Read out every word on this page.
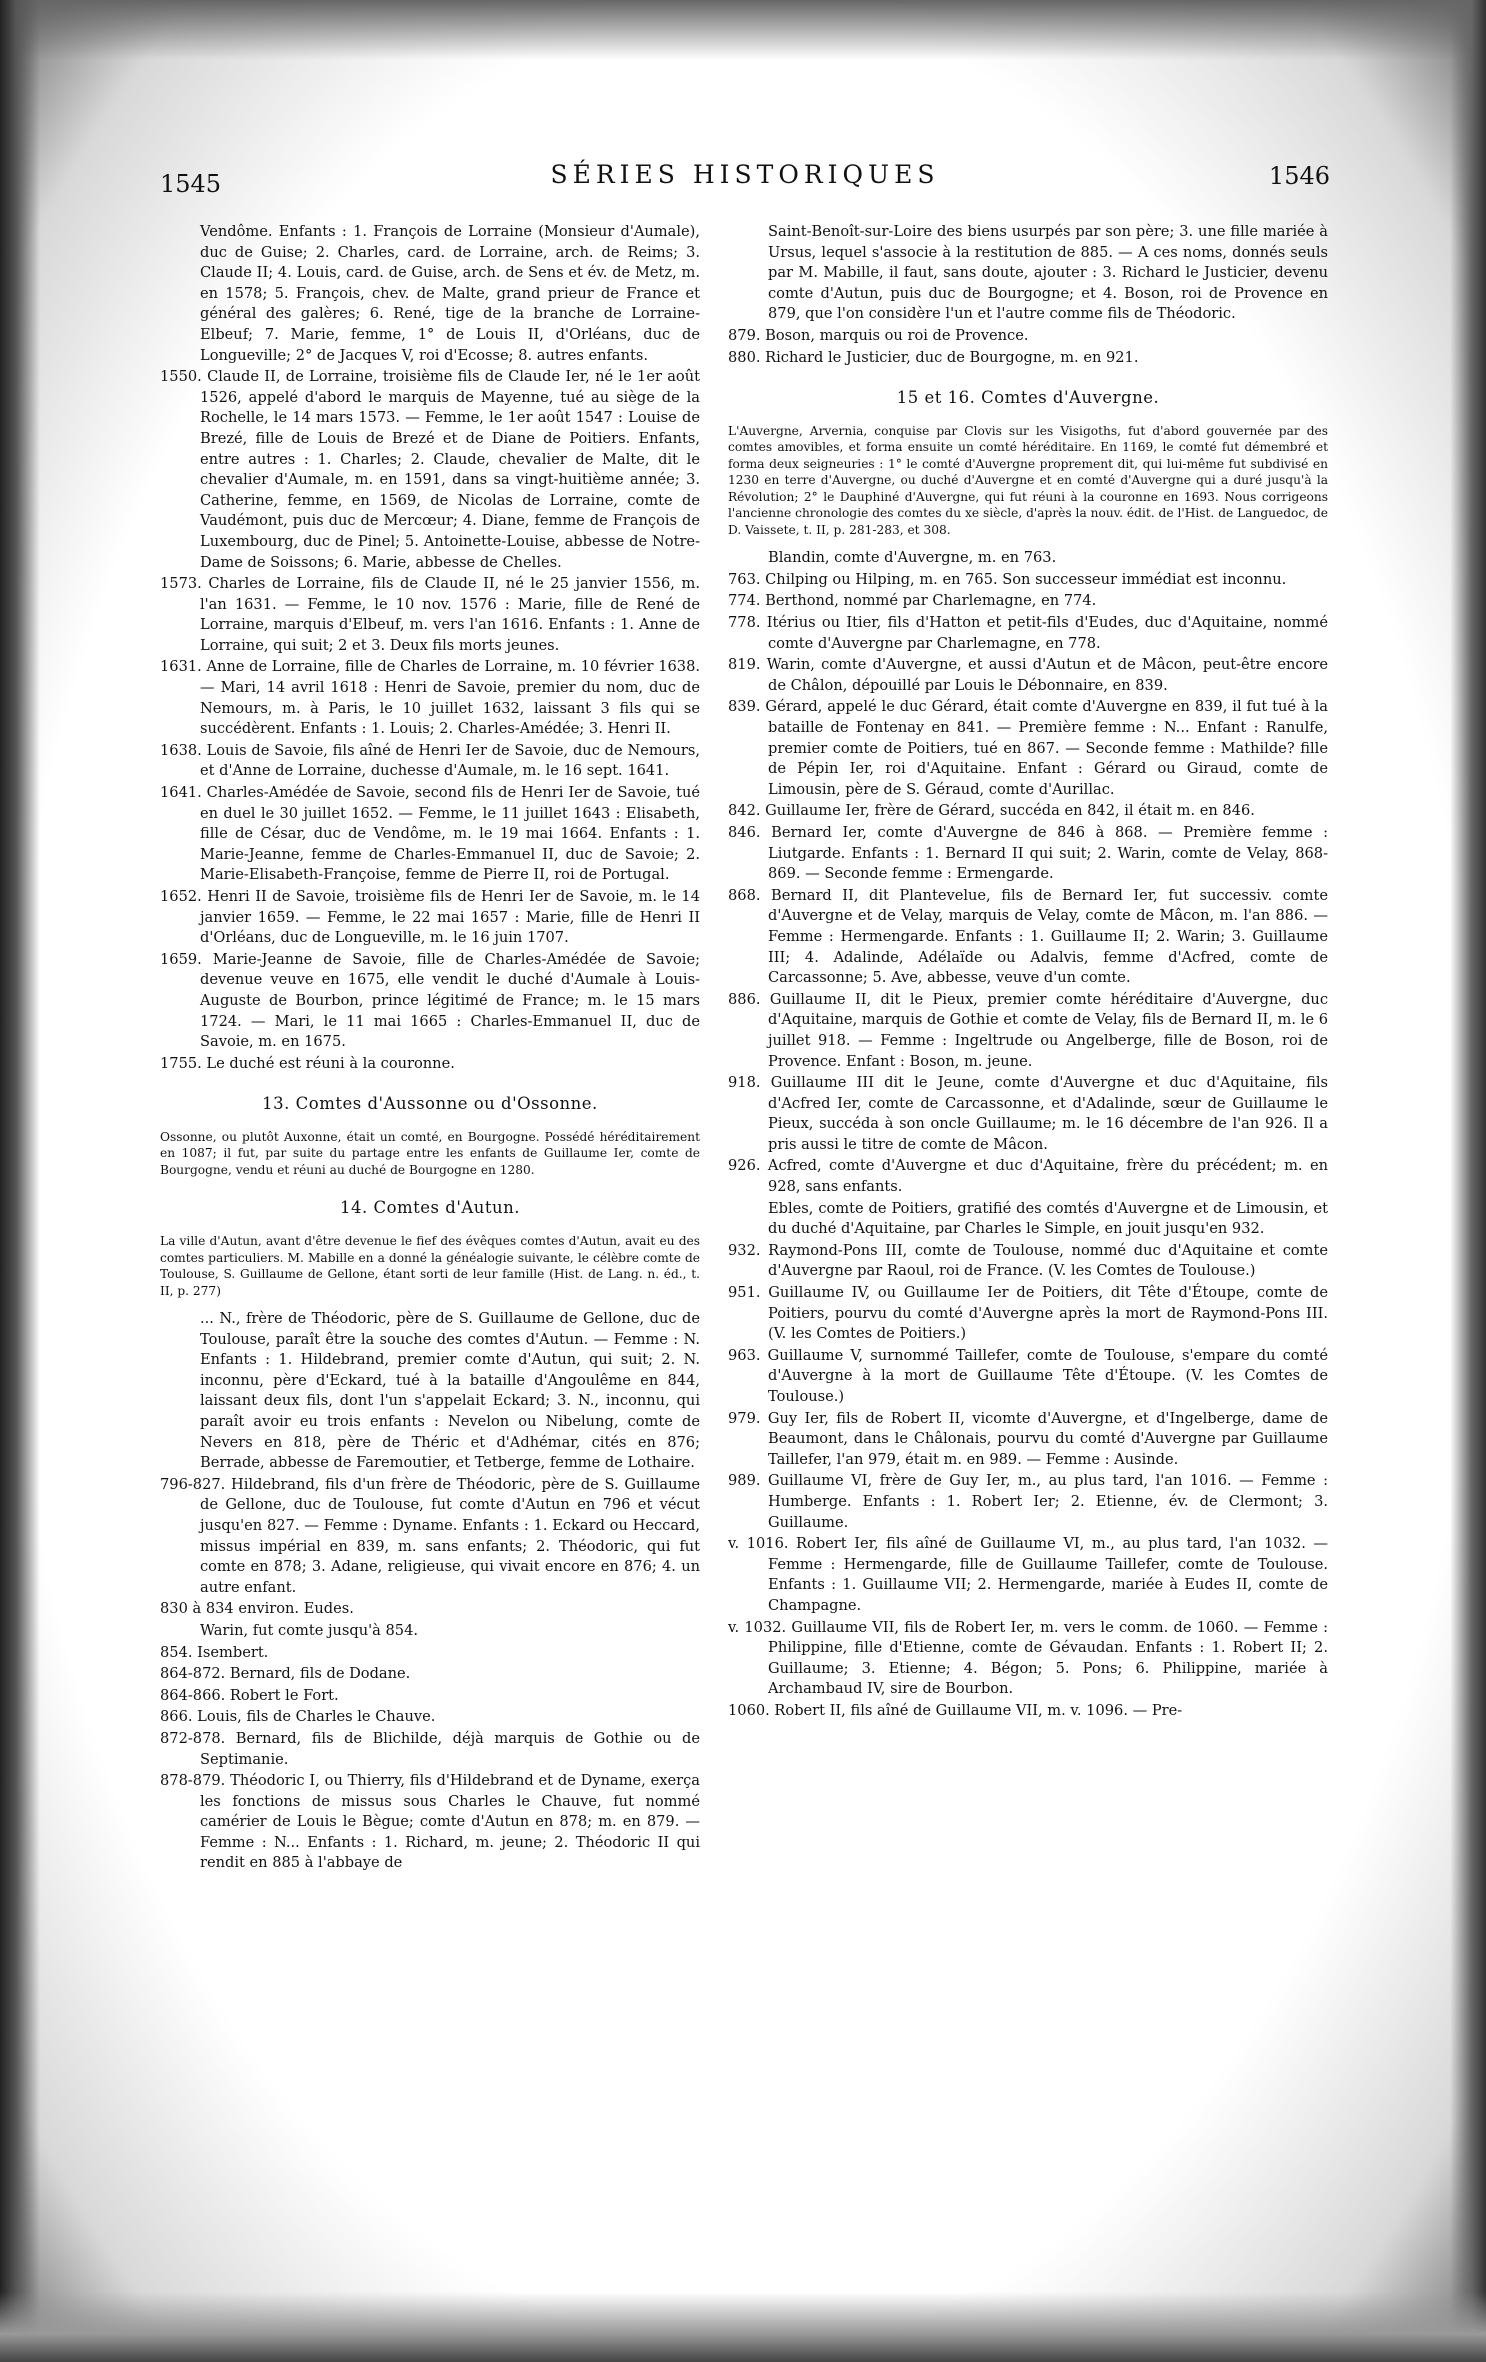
1545	SÉRIES HISTORIQUES	1546
Vendôme. Enfants : 1. François de Lorraine (Monsieur d'Aumale), duc de Guise; 2. Charles, card. de Lorraine, arch. de Reims; 3. Claude II; 4. Louis, card. de Guise, arch. de Sens et év. de Metz, m. en 1578; 5. François, chev. de Malte, grand prieur de France et général des galères; 6. René, tige de la branche de Lorraine-Elbeuf; 7. Marie, femme, 1° de Louis II, d'Orléans, duc de Longueville; 2° de Jacques V, roi d'Ecosse; 8. autres enfants.
1550. Claude II, de Lorraine, troisième fils de Claude Ier, né le 1er août 1526, appelé d'abord le marquis de Mayenne, tué au siège de la Rochelle, le 14 mars 1573. — Femme, le 1er août 1547 : Louise de Brezé, fille de Louis de Brezé et de Diane de Poitiers. Enfants, entre autres : 1. Charles; 2. Claude, chevalier de Malte, dit le chevalier d'Aumale, m. en 1591, dans sa vingt-huitième année; 3. Catherine, femme, en 1569, de Nicolas de Lorraine, comte de Vaudémont, puis duc de Mercœur; 4. Diane, femme de François de Luxembourg, duc de Pinel; 5. Antoinette-Louise, abbesse de Notre-Dame de Soissons; 6. Marie, abbesse de Chelles.
1573. Charles de Lorraine, fils de Claude II, né le 25 janvier 1556, m. l'an 1631. — Femme, le 10 nov. 1576 : Marie, fille de René de Lorraine, marquis d'Elbeuf, m. vers l'an 1616. Enfants : 1. Anne de Lorraine, qui suit; 2 et 3. Deux fils morts jeunes.
1631. Anne de Lorraine, fille de Charles de Lorraine, m. 10 février 1638. — Mari, 14 avril 1618 : Henri de Savoie, premier du nom, duc de Nemours, m. à Paris, le 10 juillet 1632, laissant 3 fils qui se succédèrent. Enfants : 1. Louis; 2. Charles-Amédée; 3. Henri II.
1638. Louis de Savoie, fils aîné de Henri Ier de Savoie, duc de Nemours, et d'Anne de Lorraine, duchesse d'Aumale, m. le 16 sept. 1641.
1641. Charles-Amédée de Savoie, second fils de Henri Ier de Savoie, tué en duel le 30 juillet 1652. — Femme, le 11 juillet 1643 : Elisabeth, fille de César, duc de Vendôme, m. le 19 mai 1664. Enfants : 1. Marie-Jeanne, femme de Charles-Emmanuel II, duc de Savoie; 2. Marie-Elisabeth-Françoise, femme de Pierre II, roi de Portugal.
1652. Henri II de Savoie, troisième fils de Henri Ier de Savoie, m. le 14 janvier 1659. — Femme, le 22 mai 1657 : Marie, fille de Henri II d'Orléans, duc de Longueville, m. le 16 juin 1707.
1659. Marie-Jeanne de Savoie, fille de Charles-Amédée de Savoie; devenue veuve en 1675, elle vendit le duché d'Aumale à Louis-Auguste de Bourbon, prince légitimé de France; m. le 15 mars 1724. — Mari, le 11 mai 1665 : Charles-Emmanuel II, duc de Savoie, m. en 1675.
1755. Le duché est réuni à la couronne.
13. Comtes d'Aussonne ou d'Ossonne.
Ossonne, ou plutôt Auxonne, était un comté, en Bourgogne. Possédé héréditairement en 1087; il fut, par suite du partage entre les enfants de Guillaume Ier, comte de Bourgogne, vendu et réuni au duché de Bourgogne en 1280.
14. Comtes d'Autun.
La ville d'Autun, avant d'être devenue le fief des évêques comtes d'Autun, avait eu des comtes particuliers. M. Mabille en a donné la généalogie suivante, le célèbre comte de Toulouse, S. Guillaume de Gellone, étant sorti de leur famille (Hist. de Lang. n. éd., t. II, p. 277)
... N., frère de Théodoric, père de S. Guillaume de Gellone, duc de Toulouse, paraît être la souche des comtes d'Autun. — Femme : N. Enfants : 1. Hildebrand, premier comte d'Autun, qui suit; 2. N. inconnu, père d'Eckard, tué à la bataille d'Angoulême en 844, laissant deux fils, dont l'un s'appelait Eckard; 3. N., inconnu, qui paraît avoir eu trois enfants : Nevelon ou Nibelung, comte de Nevers en 818, père de Théric et d'Adhémar, cités en 876; Berrade, abbesse de Faremoutier, et Tetberge, femme de Lothaire.
796-827. Hildebrand, fils d'un frère de Théodoric, père de S. Guillaume de Gellone, duc de Toulouse, fut comte d'Autun en 796 et vécut jusqu'en 827. — Femme : Dyname. Enfants : 1. Eckard ou Heccard, missus impérial en 839, m. sans enfants; 2. Théodoric, qui fut comte en 878; 3. Adane, religieuse, qui vivait encore en 876; 4. un autre enfant.
830 à 834 environ. Eudes.
Warin, fut comte jusqu'à 854.
854. Isembert.
864-872. Bernard, fils de Dodane.
864-866. Robert le Fort.
866. Louis, fils de Charles le Chauve.
872-878. Bernard, fils de Blichilde, déjà marquis de Gothie ou de Septimanie.
878-879. Théodoric I, ou Thierry, fils d'Hildebrand et de Dyname, exerça les fonctions de missus sous Charles le Chauve, fut nommé camérier de Louis le Bègue; comte d'Autun en 878; m. en 879. — Femme : N... Enfants : 1. Richard, m. jeune; 2. Théodoric II qui rendit en 885 à l'abbaye de
Saint-Benoît-sur-Loire des biens usurpés par son père; 3. une fille mariée à Ursus, lequel s'associe à la restitution de 885. — A ces noms, donnés seuls par M. Mabille, il faut, sans doute, ajouter : 3. Richard le Justicier, devenu comte d'Autun, puis duc de Bourgogne; et 4. Boson, roi de Provence en 879, que l'on considère l'un et l'autre comme fils de Théodoric.
879. Boson, marquis ou roi de Provence.
880. Richard le Justicier, duc de Bourgogne, m. en 921.
15 et 16. Comtes d'Auvergne.
L'Auvergne, Arvernia, conquise par Clovis sur les Visigoths, fut d'abord gouvernée par des comtes amovibles, et forma ensuite un comté héréditaire. En 1169, le comté fut démembré et forma deux seigneuries : 1° le comté d'Auvergne proprement dit, qui lui-même fut subdivisé en 1230 en terre d'Auvergne, ou duché d'Auvergne et en comté d'Auvergne qui a duré jusqu'à la Révolution; 2° le Dauphiné d'Auvergne, qui fut réuni à la couronne en 1693. Nous corrigeons l'ancienne chronologie des comtes du xe siècle, d'après la nouv. édit. de l'Hist. de Languedoc, de D. Vaissete, t. II, p. 281-283, et 308.
Blandin, comte d'Auvergne, m. en 763.
763. Chilping ou Hilping, m. en 765. Son successeur immédiat est inconnu.
774. Berthond, nommé par Charlemagne, en 774.
778. Itérius ou Itier, fils d'Hatton et petit-fils d'Eudes, duc d'Aquitaine, nommé comte d'Auvergne par Charlemagne, en 778.
819. Warin, comte d'Auvergne, et aussi d'Autun et de Mâcon, peut-être encore de Châlon, dépouillé par Louis le Débonnaire, en 839.
839. Gérard, appelé le duc Gérard, était comte d'Auvergne en 839, il fut tué à la bataille de Fontenay en 841. — Première femme : N... Enfant : Ranulfe, premier comte de Poitiers, tué en 867. — Seconde femme : Mathilde? fille de Pépin Ier, roi d'Aquitaine. Enfant : Gérard ou Giraud, comte de Limousin, père de S. Géraud, comte d'Aurillac.
842. Guillaume Ier, frère de Gérard, succéda en 842, il était m. en 846.
846. Bernard Ier, comte d'Auvergne de 846 à 868. — Première femme : Liutgarde. Enfants : 1. Bernard II qui suit; 2. Warin, comte de Velay, 868-869. — Seconde femme : Ermengarde.
868. Bernard II, dit Plantevelue, fils de Bernard Ier, fut successiv. comte d'Auvergne et de Velay, marquis de Velay, comte de Mâcon, m. l'an 886. — Femme : Hermengarde. Enfants : 1. Guillaume II; 2. Warin; 3. Guillaume III; 4. Adalinde, Adélaïde ou Adalvis, femme d'Acfred, comte de Carcassonne; 5. Ave, abbesse, veuve d'un comte.
886. Guillaume II, dit le Pieux, premier comte héréditaire d'Auvergne, duc d'Aquitaine, marquis de Gothie et comte de Velay, fils de Bernard II, m. le 6 juillet 918. — Femme : Ingeltrude ou Angelberge, fille de Boson, roi de Provence. Enfant : Boson, m. jeune.
918. Guillaume III dit le Jeune, comte d'Auvergne et duc d'Aquitaine, fils d'Acfred Ier, comte de Carcassonne, et d'Adalinde, sœur de Guillaume le Pieux, succéda à son oncle Guillaume; m. le 16 décembre de l'an 926. Il a pris aussi le titre de comte de Mâcon.
926. Acfred, comte d'Auvergne et duc d'Aquitaine, frère du précédent; m. en 928, sans enfants.
Ebles, comte de Poitiers, gratifié des comtés d'Auvergne et de Limousin, et du duché d'Aquitaine, par Charles le Simple, en jouit jusqu'en 932.
932. Raymond-Pons III, comte de Toulouse, nommé duc d'Aquitaine et comte d'Auvergne par Raoul, roi de France. (V. les Comtes de Toulouse.)
951. Guillaume IV, ou Guillaume Ier de Poitiers, dit Tête d'Étoupe, comte de Poitiers, pourvu du comté d'Auvergne après la mort de Raymond-Pons III. (V. les Comtes de Poitiers.)
963. Guillaume V, surnommé Taillefer, comte de Toulouse, s'empare du comté d'Auvergne à la mort de Guillaume Tête d'Étoupe. (V. les Comtes de Toulouse.)
979. Guy Ier, fils de Robert II, vicomte d'Auvergne, et d'Ingelberge, dame de Beaumont, dans le Châlonais, pourvu du comté d'Auvergne par Guillaume Taillefer, l'an 979, était m. en 989. — Femme : Ausinde.
989. Guillaume VI, frère de Guy Ier, m., au plus tard, l'an 1016. — Femme : Humberge. Enfants : 1. Robert Ier; 2. Etienne, év. de Clermont; 3. Guillaume.
v. 1016. Robert Ier, fils aîné de Guillaume VI, m., au plus tard, l'an 1032. — Femme : Hermengarde, fille de Guillaume Taillefer, comte de Toulouse. Enfants : 1. Guillaume VII; 2. Hermengarde, mariée à Eudes II, comte de Champagne.
v. 1032. Guillaume VII, fils de Robert Ier, m. vers le comm. de 1060. — Femme : Philippine, fille d'Etienne, comte de Gévaudan. Enfants : 1. Robert II; 2. Guillaume; 3. Etienne; 4. Bégon; 5. Pons; 6. Philippine, mariée à Archambaud IV, sire de Bourbon.
1060. Robert II, fils aîné de Guillaume VII, m. v. 1096. — Pre-
